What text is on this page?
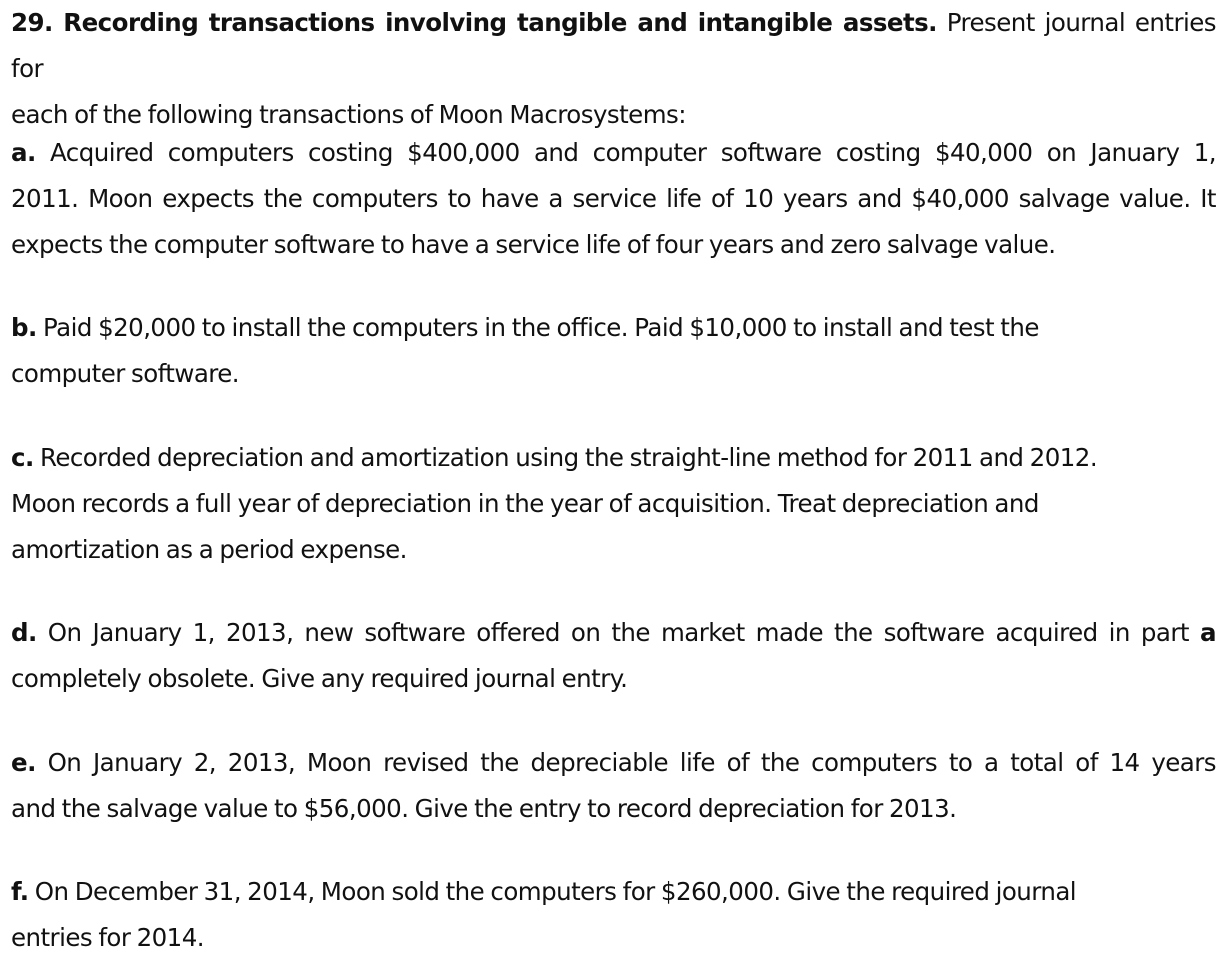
29. Recording transactions involving tangible and intangible assets. Present journal entries for
each of the following transactions of Moon Macrosystems:

a. Acquired computers costing $400,000 and computer software costing $40,000 on January 1,
2011. Moon expects the computers to have a service life of 10 years and $40,000 salvage value. It
expects the computer software to have a service life of four years and zero salvage value.

b. Paid $20,000 to install the computers in the office. Paid $10,000 to install and test the
computer software.

c. Recorded depreciation and amortization using the straight-line method for 2011 and 2012.
Moon records a full year of depreciation in the year of acquisition. Treat depreciation and
amortization as a period expense.

d. On January 1, 2013, new software offered on the market made the software acquired in part a
completely obsolete. Give any required journal entry.

e. On January 2, 2013, Moon revised the depreciable life of the computers to a total of 14 years
and the salvage value to $56,000. Give the entry to record depreciation for 2013.

f. On December 31, 2014, Moon sold the computers for $260,000. Give the required journal
entries for 2014.
